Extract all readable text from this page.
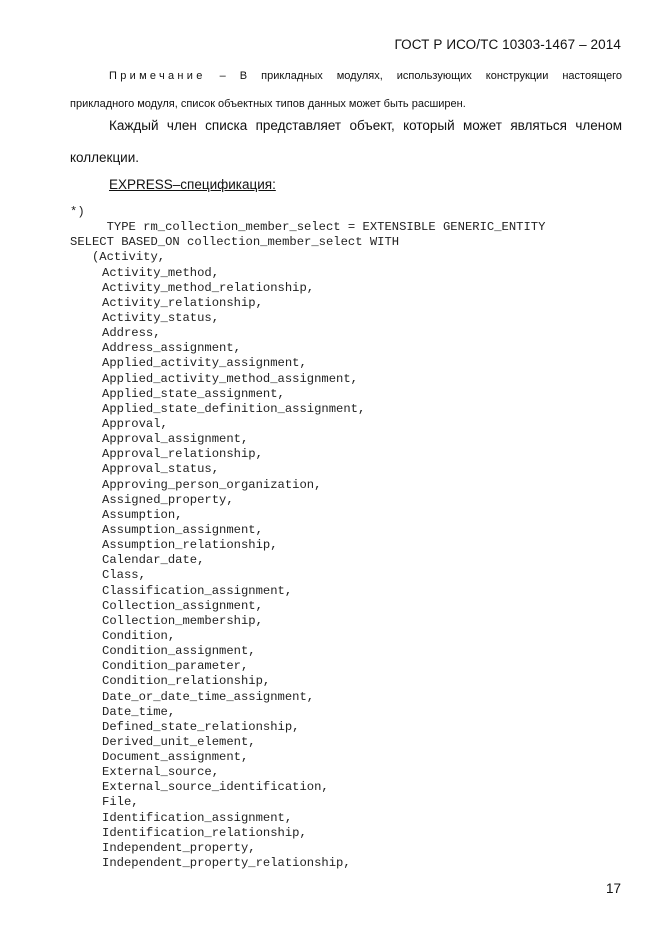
ГОСТ Р ИСО/ТС 10303-1467 – 2014
Примечание – В прикладных модулях, использующих конструкции настоящего
прикладного модуля, список объектных типов данных может быть расширен.
Каждый член списка представляет объект, который может являться членом
коллекции.
EXPRESS–спецификация:
*)
TYPE rm_collection_member_select = EXTENSIBLE GENERIC_ENTITY
SELECT BASED_ON collection_member_select WITH
(Activity,
Activity_method,
Activity_method_relationship,
Activity_relationship,
Activity_status,
Address,
Address_assignment,
Applied_activity_assignment,
Applied_activity_method_assignment,
Applied_state_assignment,
Applied_state_definition_assignment,
Approval,
Approval_assignment,
Approval_relationship,
Approval_status,
Approving_person_organization,
Assigned_property,
Assumption,
Assumption_assignment,
Assumption_relationship,
Calendar_date,
Class,
Classification_assignment,
Collection_assignment,
Collection_membership,
Condition,
Condition_assignment,
Condition_parameter,
Condition_relationship,
Date_or_date_time_assignment,
Date_time,
Defined_state_relationship,
Derived_unit_element,
Document_assignment,
External_source,
External_source_identification,
File,
Identification_assignment,
Identification_relationship,
Independent_property,
Independent_property_relationship,
17
